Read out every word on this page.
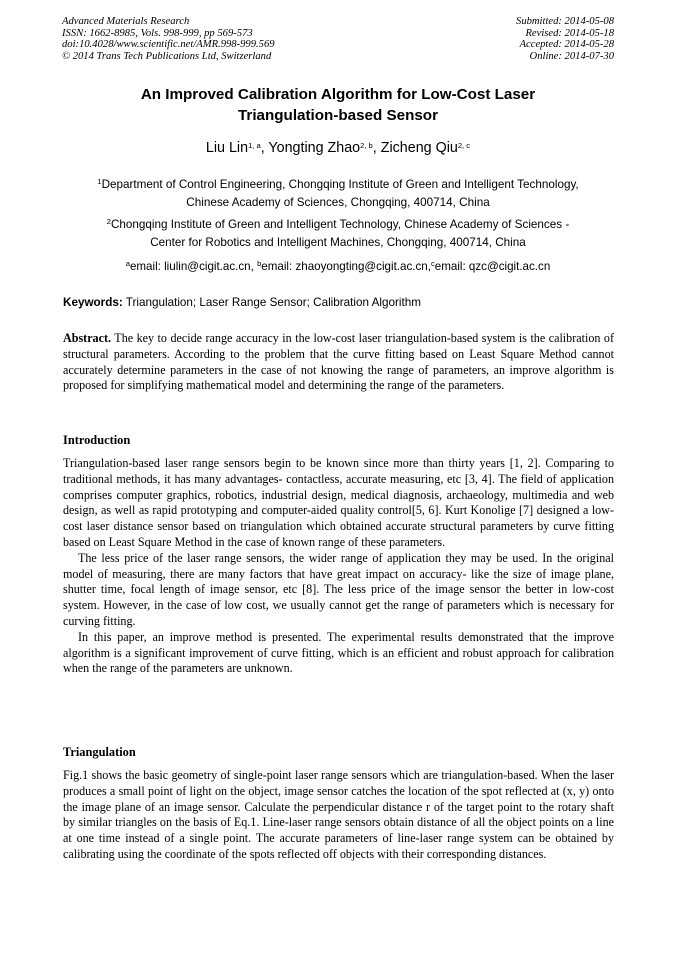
Advanced Materials Research
ISSN: 1662-8985, Vols. 998-999, pp 569-573
doi:10.4028/www.scientific.net/AMR.998-999.569
© 2014 Trans Tech Publications Ltd, Switzerland
Submitted: 2014-05-08
Revised: 2014-05-18
Accepted: 2014-05-28
Online: 2014-07-30
An Improved Calibration Algorithm for Low-Cost Laser
Triangulation-based Sensor
Liu Lin$^{1, a}$, Yongting Zhao$^{2, b}$, Zicheng Qiu$^{2, c}$
$^1$Department of Control Engineering, Chongqing Institute of Green and Intelligent Technology,
Chinese Academy of Sciences, Chongqing, 400714, China
$^2$Chongqing Institute of Green and Intelligent Technology, Chinese Academy of Sciences -
Center for Robotics and Intelligent Machines, Chongqing, 400714, China
$^a$email: liulin@cigit.ac.cn, $^b$email: zhaoyongting@cigit.ac.cn,$^c$email: qzc@cigit.ac.cn
Keywords: Triangulation; Laser Range Sensor; Calibration Algorithm

Abstract. The key to decide range accuracy in the low-cost laser triangulation-based system is the calibration of structural parameters. According to the problem that the curve fitting based on Least Square Method cannot accurately determine parameters in the case of not knowing the range of parameters, an improve algorithm is proposed for simplifying mathematical model and determining the range of the parameters.

Introduction

Triangulation-based laser range sensors begin to be known since more than thirty years [1, 2]. Comparing to traditional methods, it has many advantages- contactless, accurate measuring, etc [3, 4]. The field of application comprises computer graphics, robotics, industrial design, medical diagnosis, archaeology, multimedia and web design, as well as rapid prototyping and computer-aided quality control[5, 6]. Kurt Konolige [7] designed a low-cost laser distance sensor based on triangulation which obtained accurate structural parameters by curve fitting based on Least Square Method in the case of known range of these parameters.

The less price of the laser range sensors, the wider range of application they may be used. In the original model of measuring, there are many factors that have great impact on accuracy- like the size of image plane, shutter time, focal length of image sensor, etc [8]. The less price of the image sensor the better in low-cost system. However, in the case of low cost, we usually cannot get the range of parameters which is necessary for curving fitting.

In this paper, an improve method is presented. The experimental results demonstrated that the improve algorithm is a significant improvement of curve fitting, which is an efficient and robust approach for calibration when the range of the parameters are unknown.

Triangulation

Fig.1 shows the basic geometry of single-point laser range sensors which are triangulation-based. When the laser produces a small point of light on the object, image sensor catches the location of the spot reflected at (x, y) onto the image plane of an image sensor. Calculate the perpendicular distance r of the target point to the rotary shaft by similar triangles on the basis of Eq.1. Line-laser range sensors obtain distance of all the object points on a line at one time instead of a single point. The accurate parameters of line-laser range system can be obtained by calibrating using the coordinate of the spots reflected off objects with their corresponding distances.
